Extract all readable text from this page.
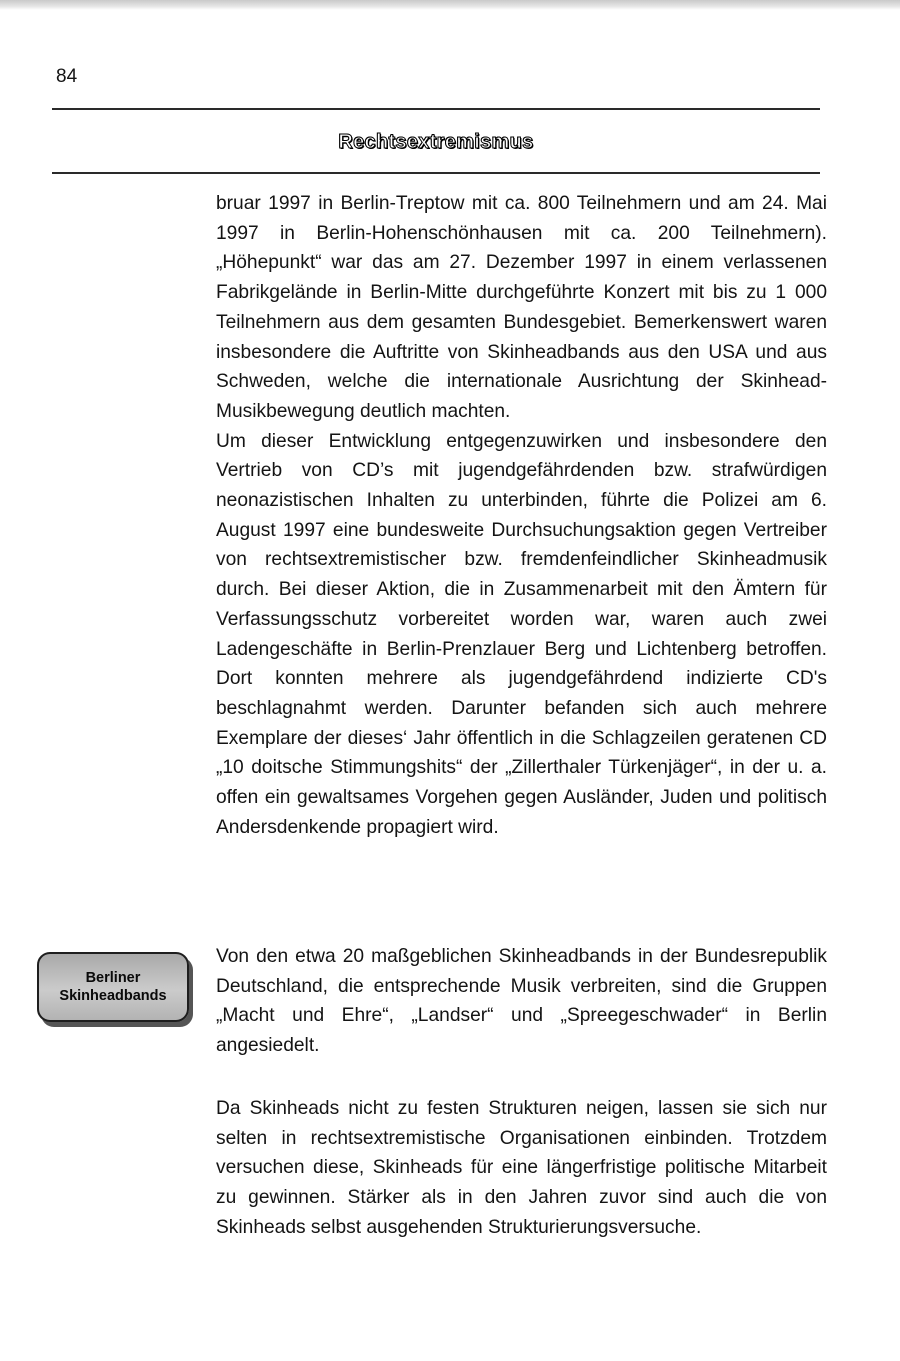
84
Rechtsextremismus

bruar 1997 in Berlin-Treptow mit ca. 800 Teilnehmern und am 24. Mai 1997 in Berlin-Hohenschönhausen mit ca. 200 Teilnehmern). „Höhepunkt“ war das am 27. Dezember 1997 in einem verlassenen Fabrikgelände in Berlin-Mitte durchgeführte Konzert mit bis zu 1 000 Teilnehmern aus dem gesamten Bundesgebiet. Bemerkenswert waren insbesondere die Auftritte von Skinheadbands aus den USA und aus Schweden, welche die internationale Ausrichtung der Skinhead-Musikbewegung deutlich machten.

Um dieser Entwicklung entgegenzuwirken und insbesondere den Vertrieb von CD’s mit jugendgefährdenden bzw. strafwürdigen neonazistischen Inhalten zu unterbinden, führte die Polizei am 6. August 1997 eine bundesweite Durchsuchungsaktion gegen Vertreiber von rechtsextremistischer bzw. fremdenfeindlicher Skinheadmusik durch. Bei dieser Aktion, die in Zusammenarbeit mit den Ämtern für Verfassungsschutz vorbereitet worden war, waren auch zwei Ladengeschäfte in Berlin-Prenzlauer Berg und Lichtenberg betroffen. Dort konnten mehrere als jugendgefährdend indizierte CD's beschlagnahmt werden. Darunter befanden sich auch mehrere Exemplare der dieses‘ Jahr öffentlich in die Schlagzeilen geratenen CD „10 doitsche Stimmungshits“ der „Zillerthaler Türkenjäger“, in der u. a. offen ein gewaltsames Vorgehen gegen Ausländer, Juden und politisch Andersdenkende propagiert wird.

Berliner
Skinheadbands

Von den etwa 20 maßgeblichen Skinheadbands in der Bundesrepublik Deutschland, die entsprechende Musik verbreiten, sind die Gruppen „Macht und Ehre“, „Landser“ und „Spreegeschwader“ in Berlin angesiedelt.

Da Skinheads nicht zu festen Strukturen neigen, lassen sie sich nur selten in rechtsextremistische Organisationen einbinden. Trotzdem versuchen diese, Skinheads für eine längerfristige politische Mitarbeit zu gewinnen. Stärker als in den Jahren zuvor sind auch die von Skinheads selbst ausgehenden Strukturierungsversuche.
